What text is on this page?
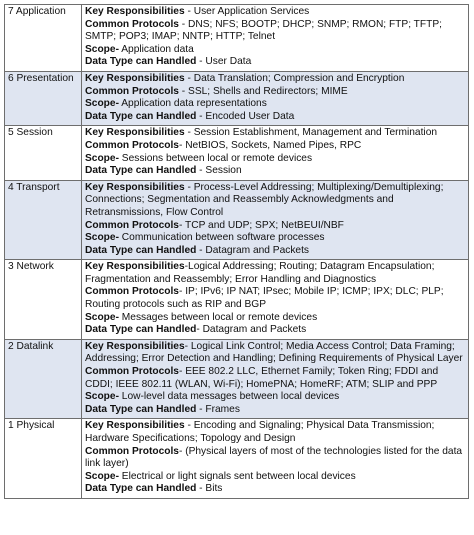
7 Application	Key Responsibilities - User Application Services
Common Protocols - DNS; NFS; BOOTP; DHCP; SNMP; RMON; FTP; TFTP; SMTP; POP3; IMAP; NNTP; HTTP; Telnet
Scope- Application data
Data Type can Handled - User Data

6 Presentation	Key Responsibilities - Data Translation; Compression and Encryption
Common Protocols - SSL; Shells and Redirectors; MIME
Scope- Application data representations
Data Type can Handled - Encoded User Data

5 Session	Key Responsibilities - Session Establishment, Management and Termination
Common Protocols- NetBIOS, Sockets, Named Pipes, RPC
Scope- Sessions between local or remote devices
Data Type can Handled - Session

4 Transport	Key Responsibilities - Process-Level Addressing; Multiplexing/Demultiplexing; Connections; Segmentation and Reassembly Acknowledgments and Retransmissions, Flow Control
Common Protocols- TCP and UDP; SPX; NetBEUI/NBF
Scope- Communication between software processes
Data Type can Handled - Datagram and Packets

3 Network	Key Responsibilities-Logical Addressing; Routing; Datagram Encapsulation; Fragmentation and Reassembly; Error Handling and Diagnostics
Common Protocols- IP; IPv6; IP NAT; IPsec; Mobile IP; ICMP; IPX; DLC; PLP; Routing protocols such as RIP and BGP
Scope- Messages between local or remote devices
Data Type can Handled- Datagram and Packets

2 Datalink	Key Responsibilities- Logical Link Control; Media Access Control; Data Framing; Addressing; Error Detection and Handling; Defining Requirements of Physical Layer
Common Protocols- EEE 802.2 LLC, Ethernet Family; Token Ring; FDDI and CDDI; IEEE 802.11 (WLAN, Wi-Fi); HomePNA; HomeRF; ATM; SLIP and PPP
Scope- Low-level data messages between local devices
Data Type can Handled - Frames

1 Physical	Key Responsibilities - Encoding and Signaling; Physical Data Transmission; Hardware Specifications; Topology and Design
Common Protocols- (Physical layers of most of the technologies listed for the data link layer)
Scope- Electrical or light signals sent between local devices
Data Type can Handled - Bits
